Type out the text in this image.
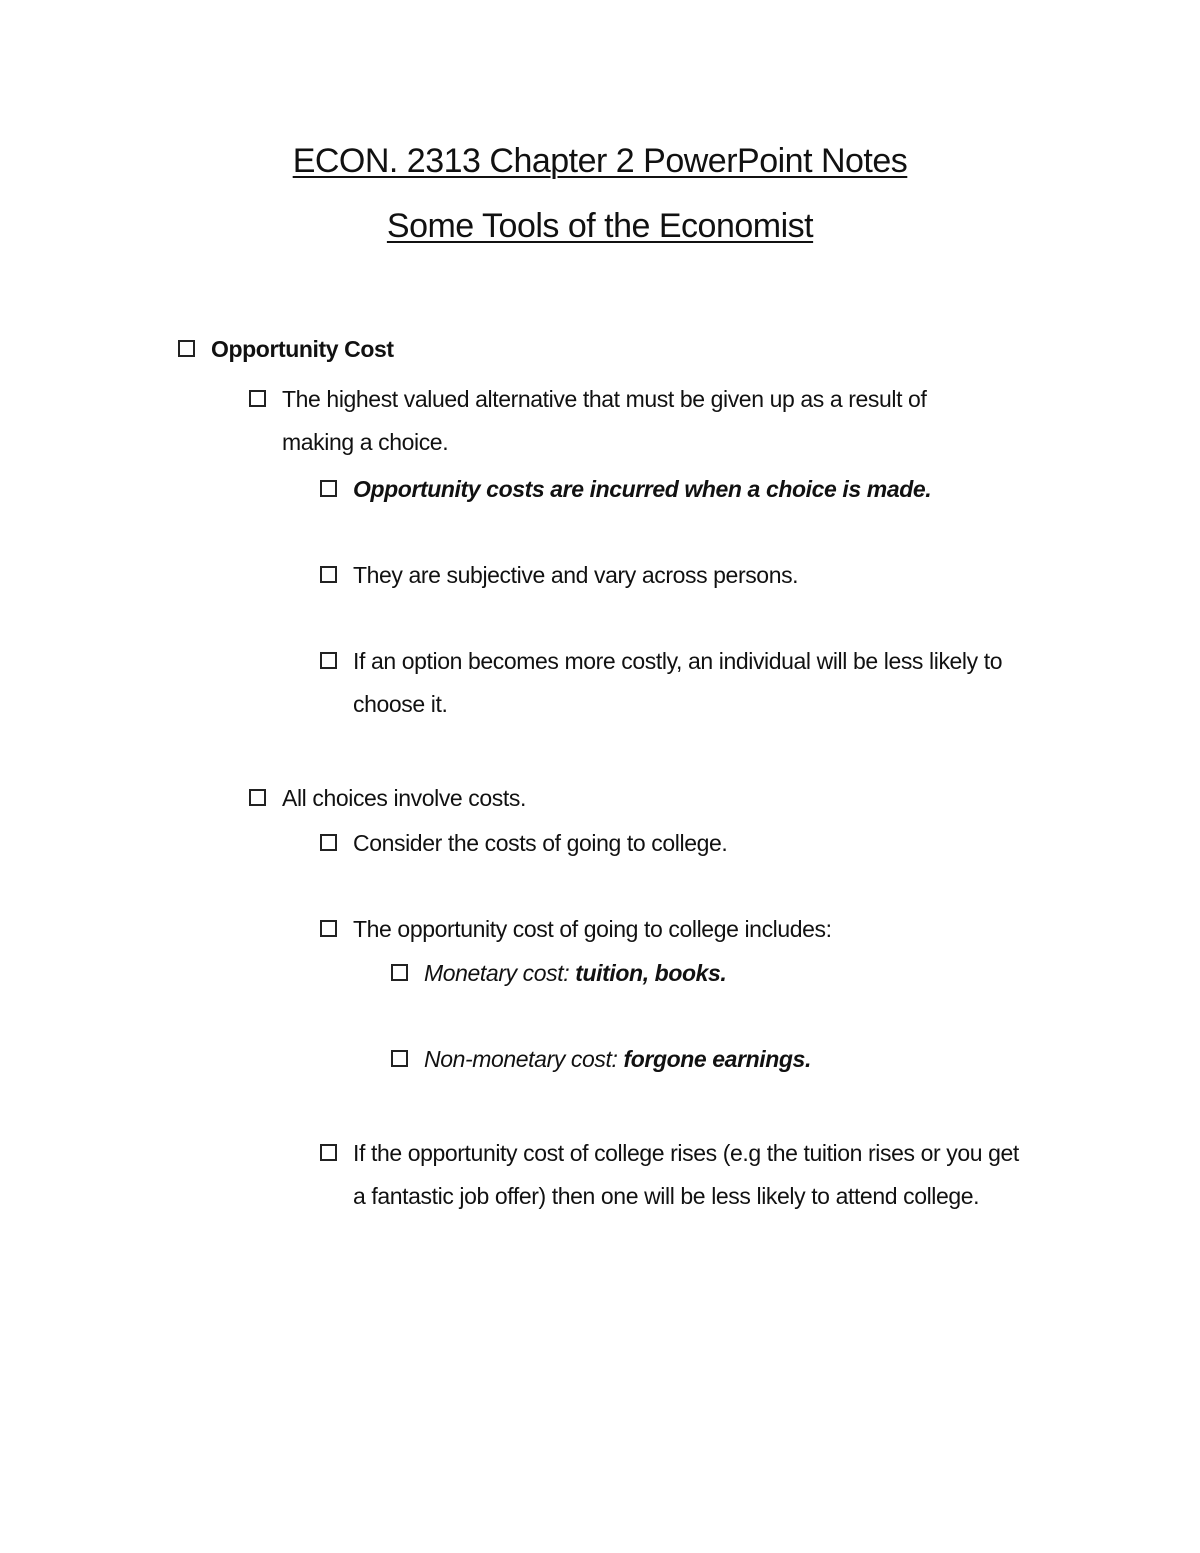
ECON. 2313 Chapter 2 PowerPoint Notes
Some Tools of the Economist
Opportunity Cost
The highest valued alternative that must be given up as a result of
making a choice.
Opportunity costs are incurred when a choice is made.
They are subjective and vary across persons.
If an option becomes more costly, an individual will be less likely to
choose it.
All choices involve costs.
Consider the costs of going to college.
The opportunity cost of going to college includes:
Monetary cost: tuition, books.
Non-monetary cost: forgone earnings.
If the opportunity cost of college rises (e.g the tuition rises or you get
a fantastic job offer) then one will be less likely to attend college.
